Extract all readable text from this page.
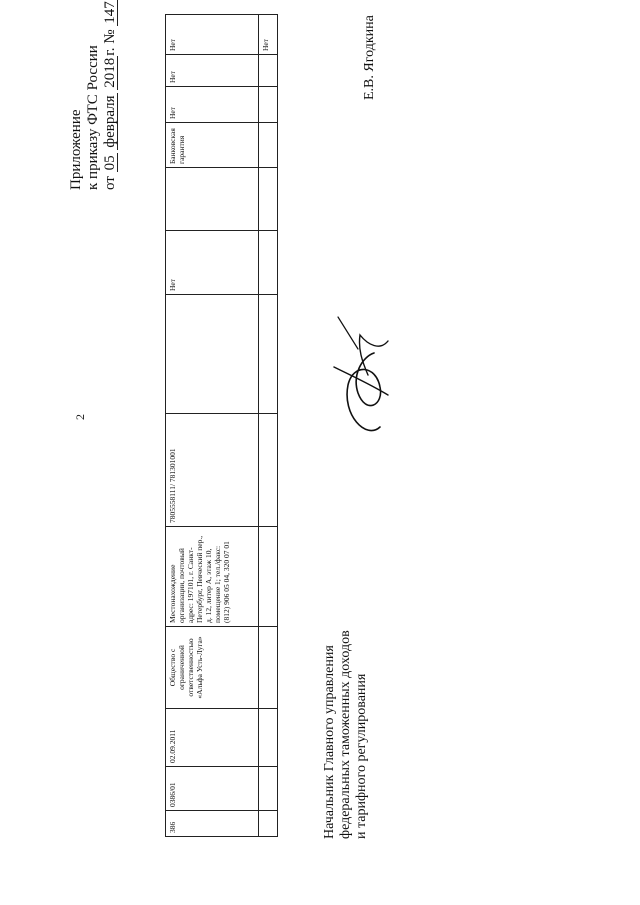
2
Приложение к приказу ФТС России от 05 февраля 2018г. № 147
386	0386/01	02.09.2011	Общество с ограниченной ответственностью «Альфа Усть-Луга»	Местонахождение организации, почтовый адрес: 197101, г. Санкт-Петербург, Певческий пер., д. 12, литер А, этаж 10, помещение 1; тел./факс: (812) 906 05 04, 320 07 01	7805558111/ 781301001		Нет		Банковская гарантия	Нет	Нет	Нет
												Нет
Начальник Главного управления федеральных таможенных доходов и тарифного регулирования
Е.В. Ягодкина
